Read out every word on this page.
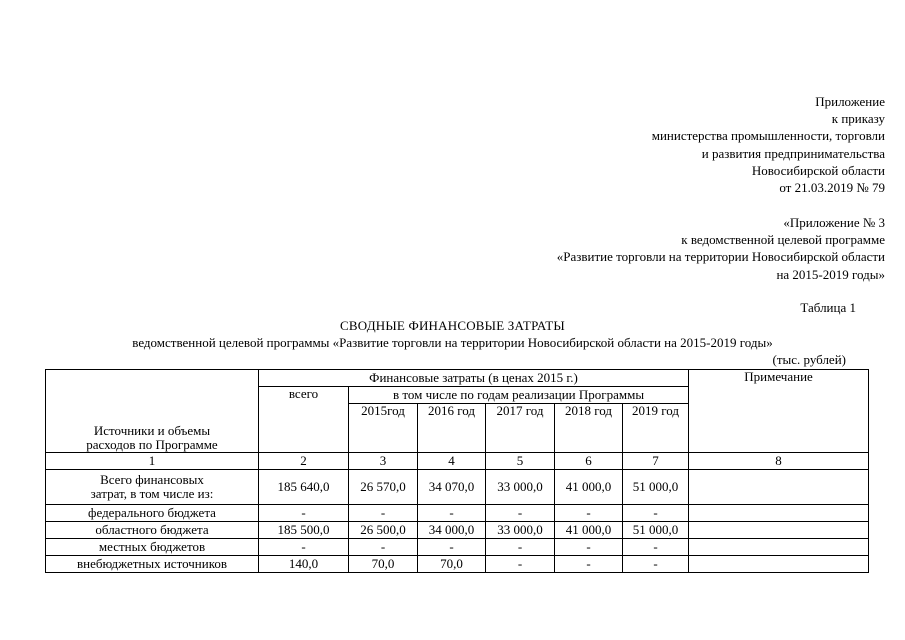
Приложение
к приказу
министерства промышленности, торговли
и развития предпринимательства
Новосибирской области
от 21.03.2019 № 79
«Приложение № 3
к ведомственной целевой программе
«Развитие торговли на территории Новосибирской области
на 2015-2019 годы»
Таблица 1
СВОДНЫЕ ФИНАНСОВЫЕ ЗАТРАТЫ
ведомственной целевой программы «Развитие торговли на территории Новосибирской области на 2015-2019 годы»
(тыс. рублей)
Источники и объемы
расходов по Программе	Финансовые затраты (в ценах 2015 г.)						Примечание
	всего	в том числе по годам реализации Программы					
		2015год	2016 год	2017 год	2018 год	2019 год	
1	2	3	4	5	6	7	8

Всего финансовых
затрат, в том числе из:	185 640,0	26 570,0	34 070,0	33 000,0	41 000,0	51 000,0	
федерального бюджета	-	-	-	-	-	-	
областного бюджета	185 500,0	26 500,0	34 000,0	33 000,0	41 000,0	51 000,0	
местных бюджетов	-	-	-	-	-	-	
внебюджетных источников	140,0	70,0	70,0	-	-	-	
